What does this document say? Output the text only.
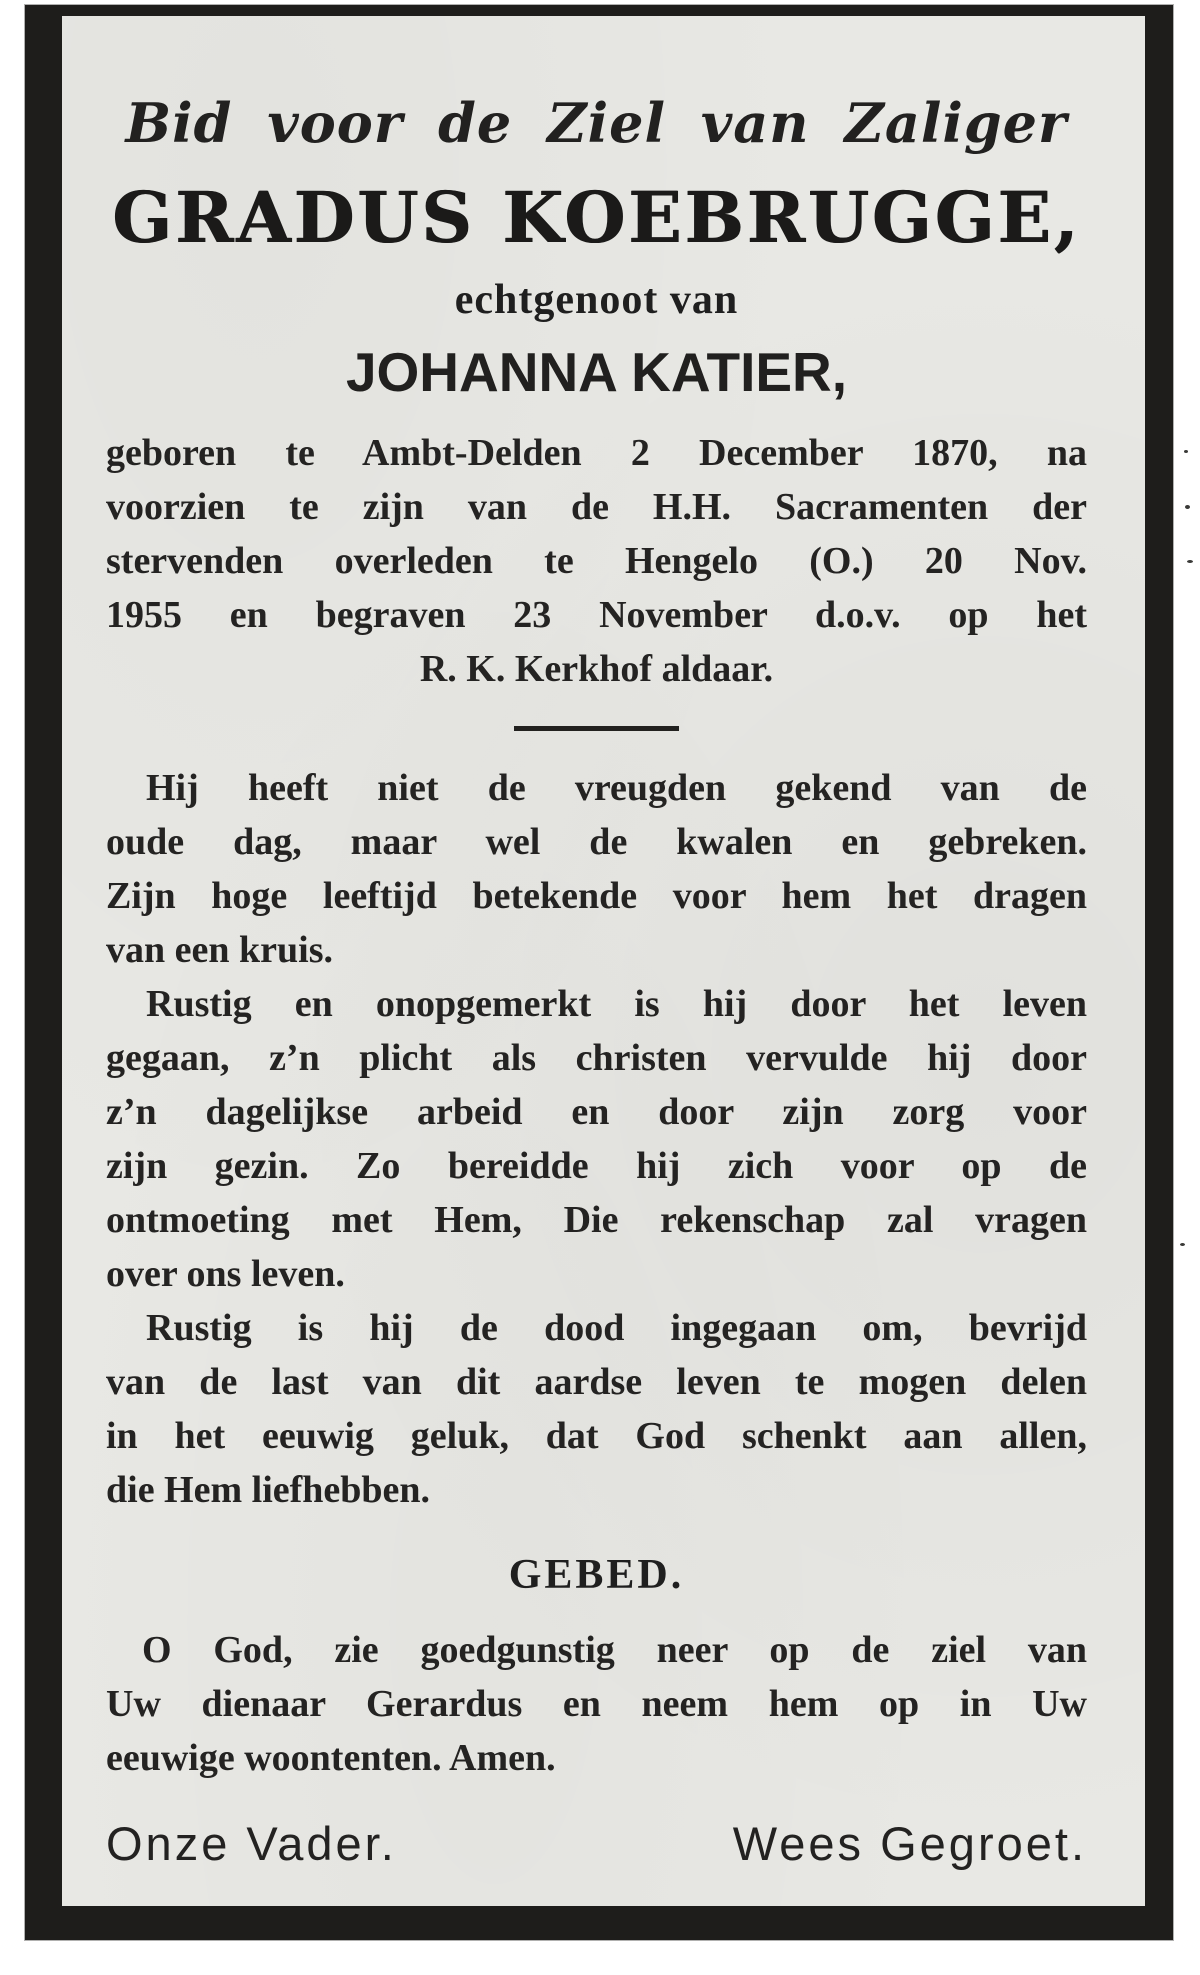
Bid voor de Ziel van Zaliger
GRADUS KOEBRUGGE,
echtgenoot van
JOHANNA KATIER,
geboren te Ambt-Delden 2 December 1870, na
voorzien te zijn van de H.H. Sacramenten der
stervenden overleden te Hengelo (O.) 20 Nov.
1955 en begraven 23 November d.o.v. op het
R. K. Kerkhof aldaar.
Hij heeft niet de vreugden gekend van de
oude dag, maar wel de kwalen en gebreken.
Zijn hoge leeftijd betekende voor hem het dragen
van een kruis.
Rustig en onopgemerkt is hij door het leven
gegaan, z’n plicht als christen vervulde hij door
z’n dagelijkse arbeid en door zijn zorg voor
zijn gezin. Zo bereidde hij zich voor op de
ontmoeting met Hem, Die rekenschap zal vragen
over ons leven.
Rustig is hij de dood ingegaan om, bevrijd
van de last van dit aardse leven te mogen delen
in het eeuwig geluk, dat God schenkt aan allen,
die Hem liefhebben.
GEBED.
O God, zie goedgunstig neer op de ziel van
Uw dienaar Gerardus en neem hem op in Uw
eeuwige woontenten. Amen.
Onze Vader.	Wees Gegroet.
